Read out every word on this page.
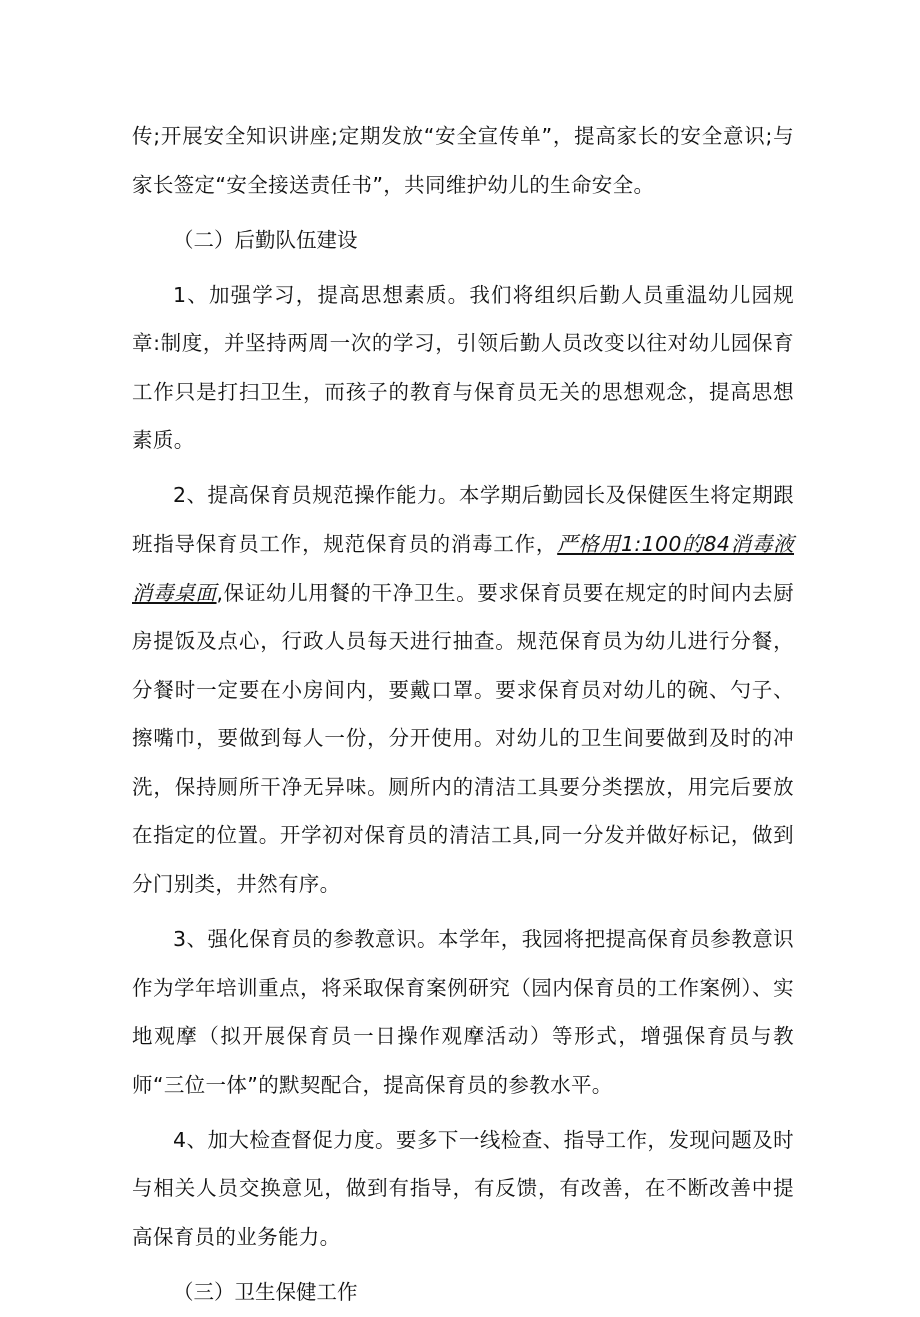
传;开展安全知识讲座;定期发放“安全宣传单”，提高家长的安全意识;与家长签定“安全接送责任书”，共同维护幼儿的生命安全。

（二）后勤队伍建设

1、加强学习，提高思想素质。我们将组织后勤人员重温幼儿园规章:制度，并坚持两周一次的学习，引领后勤人员改变以往对幼儿园保育工作只是打扫卫生，而孩子的教育与保育员无关的思想观念，提高思想素质。

2、提高保育员规范操作能力。本学期后勤园长及保健医生将定期跟班指导保育员工作，规范保育员的消毒工作，严格用1:100的84消毒液消毒桌面,保证幼儿用餐的干净卫生。要求保育员要在规定的时间内去厨房提饭及点心，行政人员每天进行抽查。规范保育员为幼儿进行分餐，分餐时一定要在小房间内，要戴口罩。要求保育员对幼儿的碗、勺子、擦嘴巾，要做到每人一份，分开使用。对幼儿的卫生间要做到及时的冲洗，保持厕所干净无异味。厕所内的清洁工具要分类摆放，用完后要放在指定的位置。开学初对保育员的清洁工具,同一分发并做好标记，做到分门别类，井然有序。

3、强化保育员的参教意识。本学年，我园将把提高保育员参教意识作为学年培训重点，将采取保育案例研究（园内保育员的工作案例）、实地观摩（拟开展保育员一日操作观摩活动）等形式，增强保育员与教师“三位一体”的默契配合，提高保育员的参教水平。

4、加大检查督促力度。要多下一线检查、指导工作，发现问题及时与相关人员交换意见，做到有指导，有反馈，有改善，在不断改善中提高保育员的业务能力。

（三）卫生保健工作
